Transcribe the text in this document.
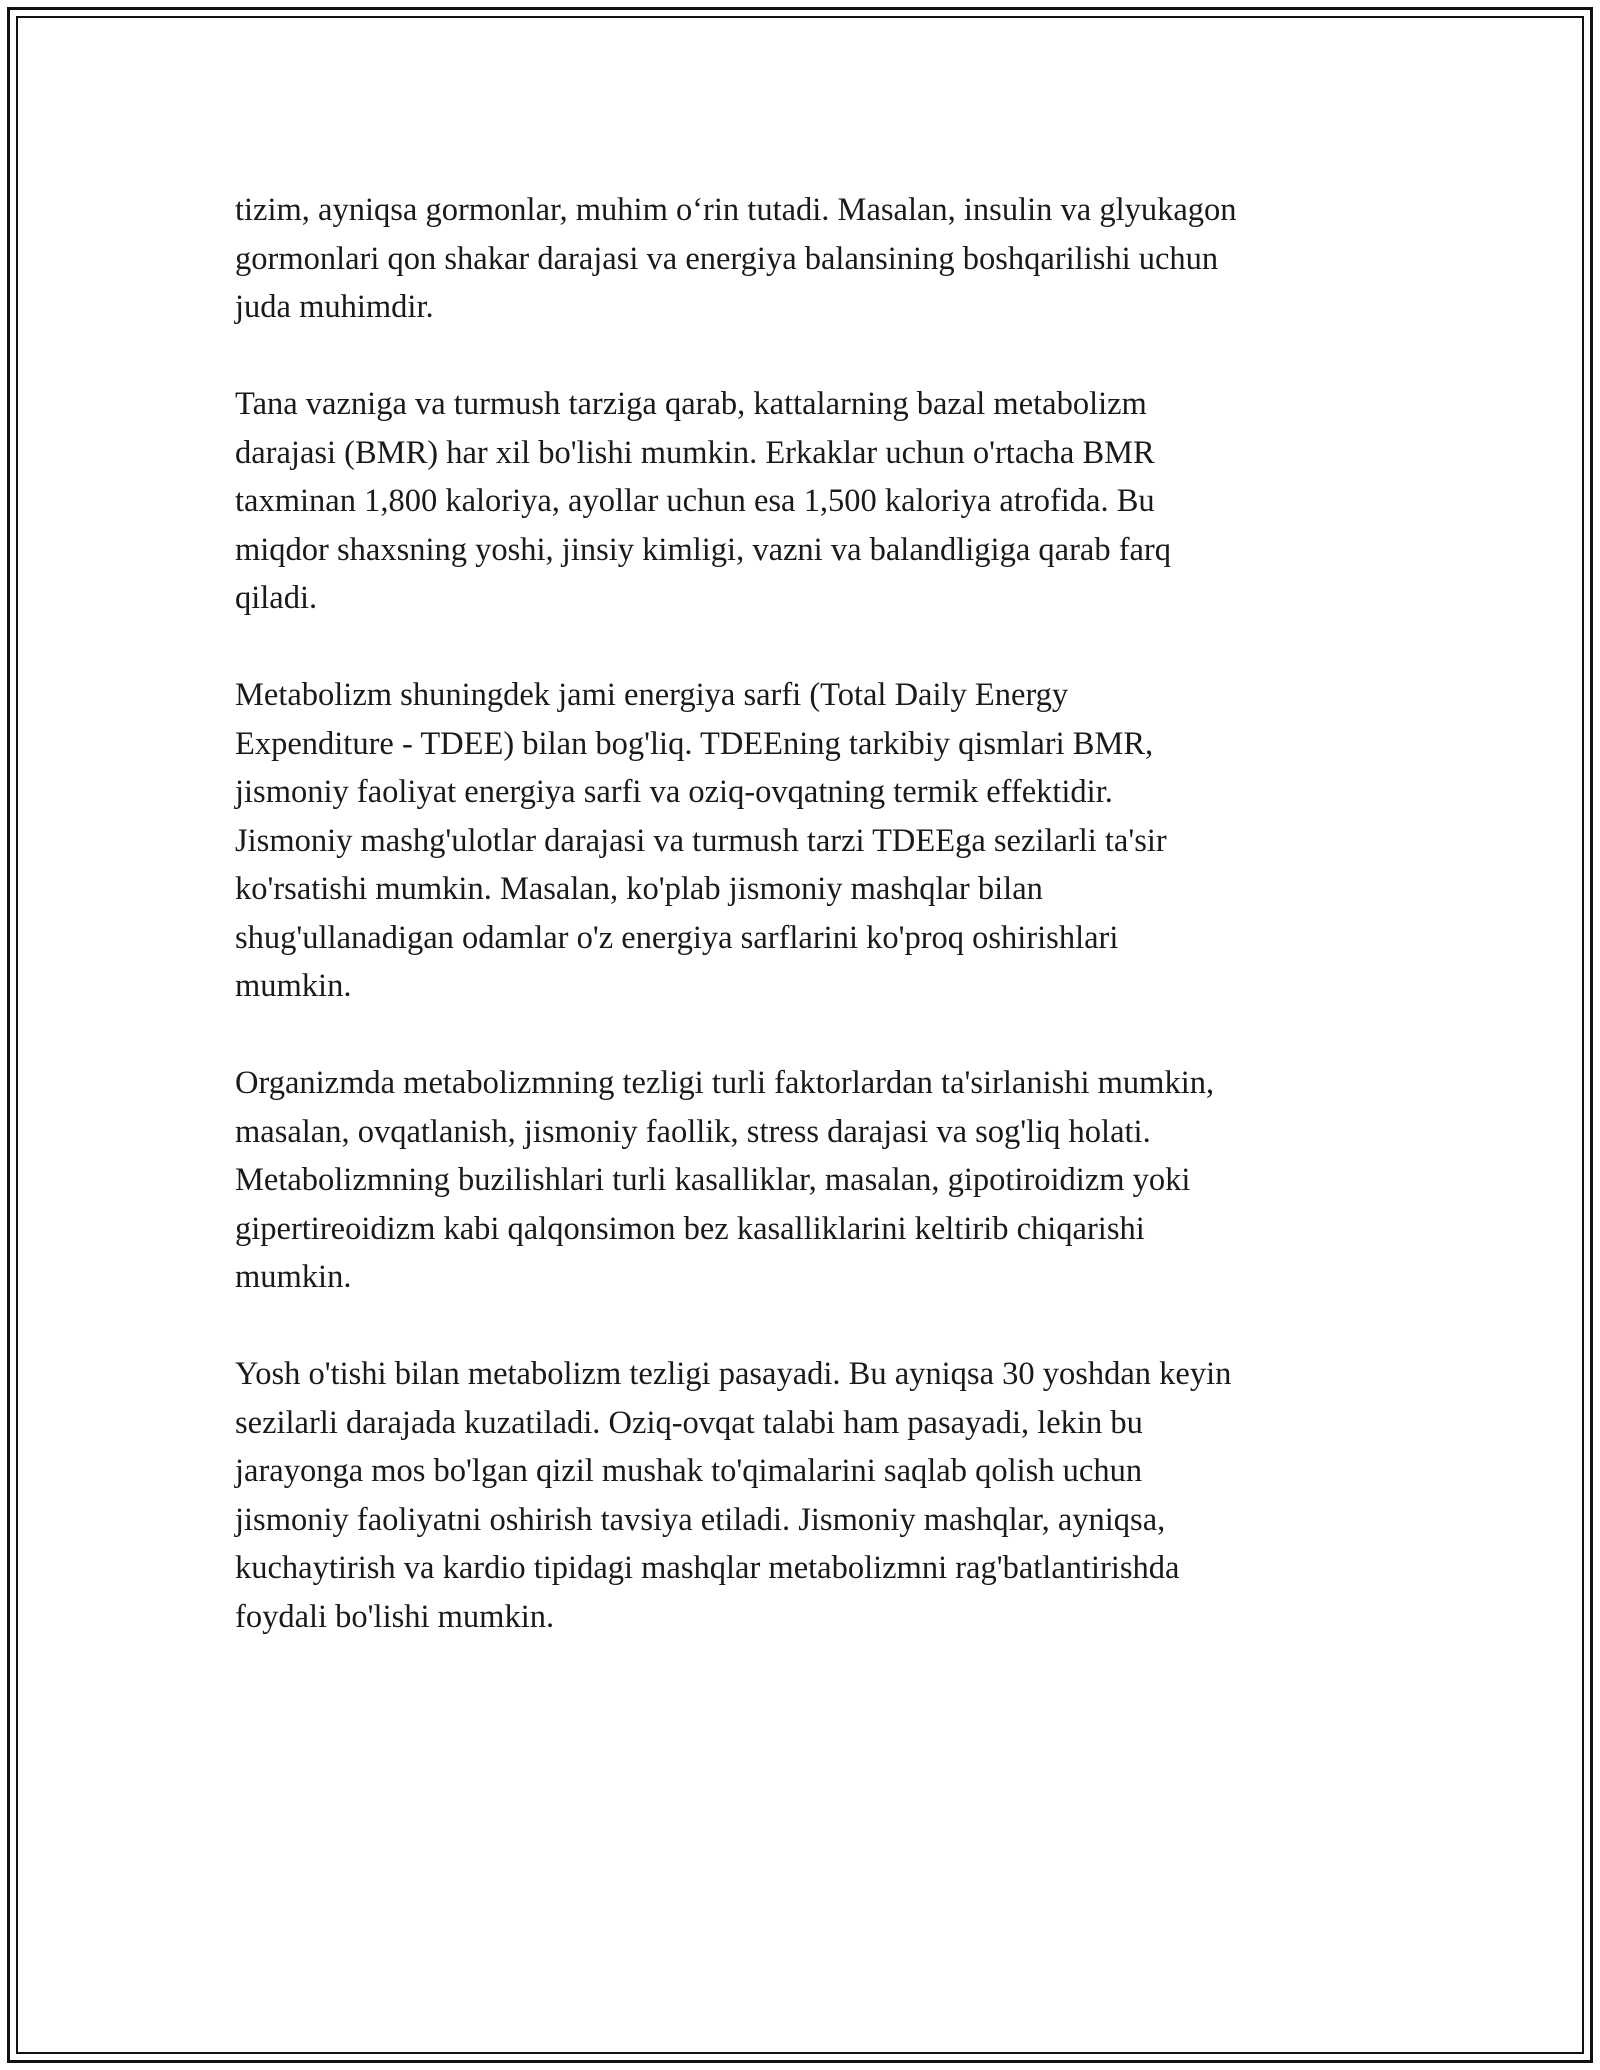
tizim, ayniqsa gormonlar, muhim o‘rin tutadi. Masalan, insulin va glyukagon
gormonlari qon shakar darajasi va energiya balansining boshqarilishi uchun
juda muhimdir.

Tana vazniga va turmush tarziga qarab, kattalarning bazal metabolizm
darajasi (BMR) har xil bo'lishi mumkin. Erkaklar uchun o'rtacha BMR
taxminan 1,800 kaloriya, ayollar uchun esa 1,500 kaloriya atrofida. Bu
miqdor shaxsning yoshi, jinsiy kimligi, vazni va balandligiga qarab farq
qiladi.

Metabolizm shuningdek jami energiya sarfi (Total Daily Energy
Expenditure - TDEE) bilan bog'liq. TDEEning tarkibiy qismlari BMR,
jismoniy faoliyat energiya sarfi va oziq-ovqatning termik effektidir.
Jismoniy mashg'ulotlar darajasi va turmush tarzi TDEEga sezilarli ta'sir
ko'rsatishi mumkin. Masalan, ko'plab jismoniy mashqlar bilan
shug'ullanadigan odamlar o'z energiya sarflarini ko'proq oshirishlari
mumkin.

Organizmda metabolizmning tezligi turli faktorlardan ta'sirlanishi mumkin,
masalan, ovqatlanish, jismoniy faollik, stress darajasi va sog'liq holati.
Metabolizmning buzilishlari turli kasalliklar, masalan, gipotiroidizm yoki
gipertireoidizm kabi qalqonsimon bez kasalliklarini keltirib chiqarishi
mumkin.

Yosh o'tishi bilan metabolizm tezligi pasayadi. Bu ayniqsa 30 yoshdan keyin
sezilarli darajada kuzatiladi. Oziq-ovqat talabi ham pasayadi, lekin bu
jarayonga mos bo'lgan qizil mushak to'qimalarini saqlab qolish uchun
jismoniy faoliyatni oshirish tavsiya etiladi. Jismoniy mashqlar, ayniqsa,
kuchaytirish va kardio tipidagi mashqlar metabolizmni rag'batlantirishda
foydali bo'lishi mumkin.
